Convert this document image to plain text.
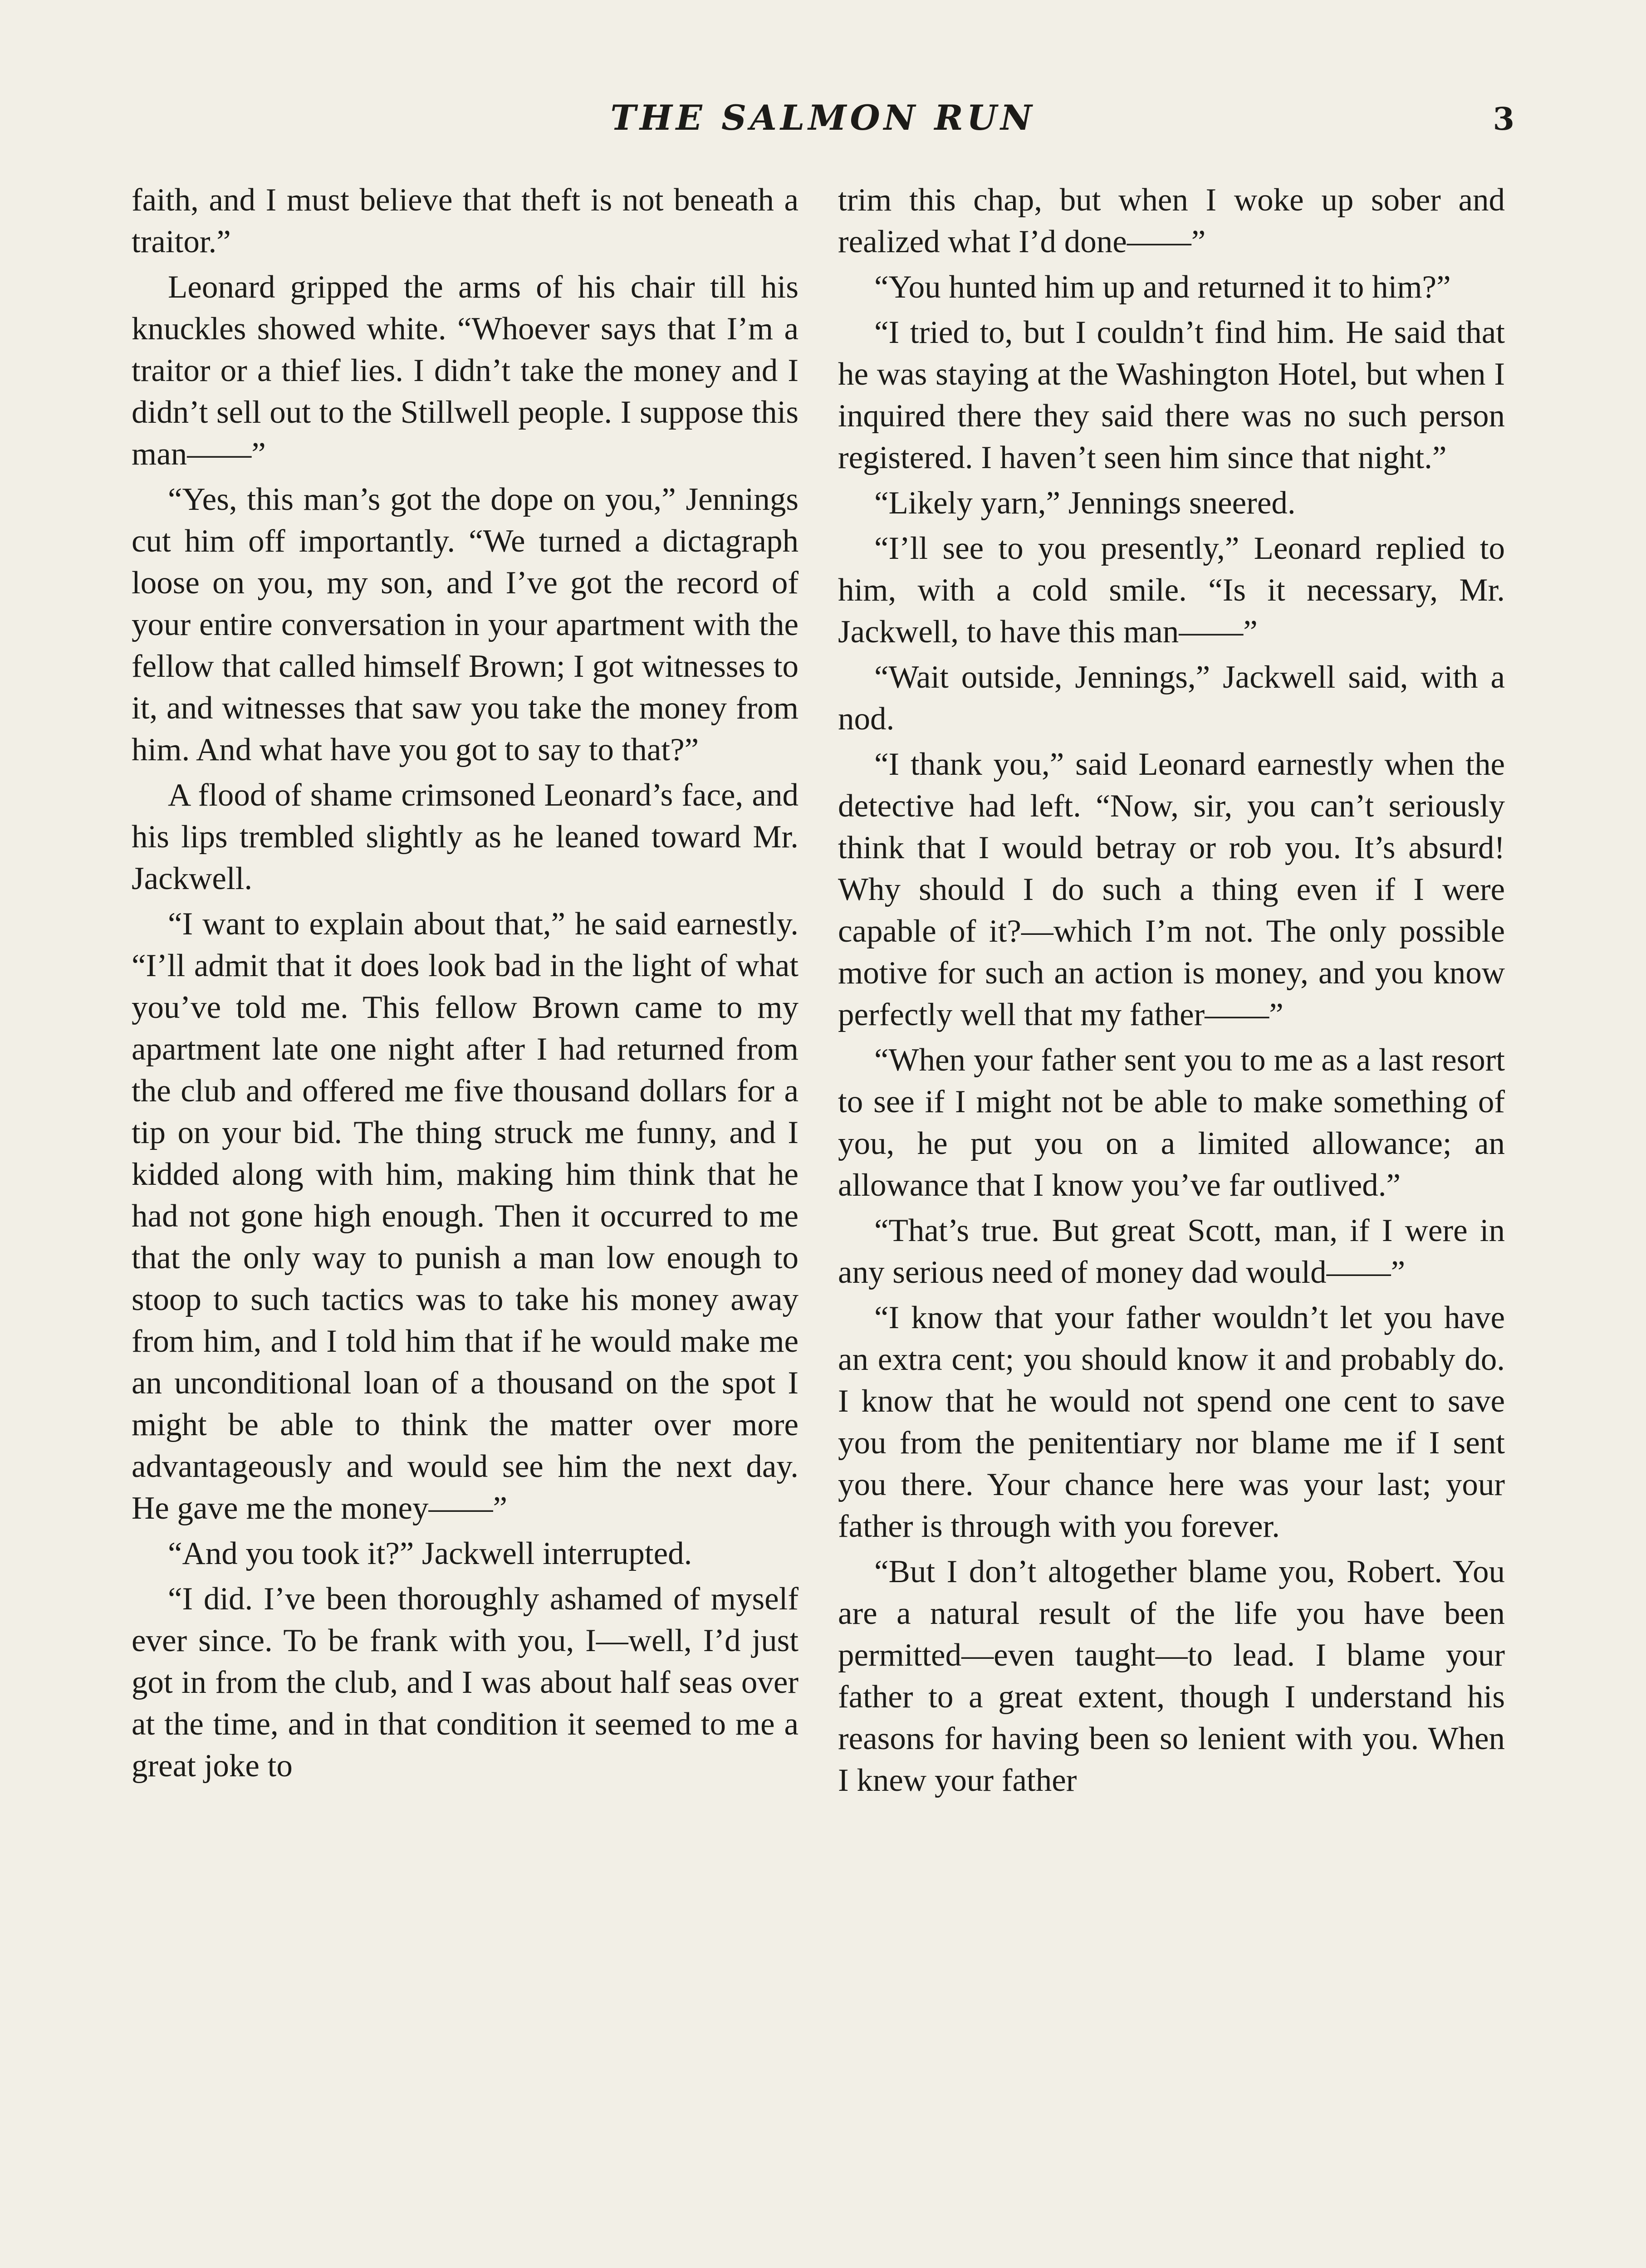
THE SALMON RUN	3

faith, and I must believe that theft is not beneath a traitor.”

Leonard gripped the arms of his chair till his knuckles showed white. “Whoever says that I’m a traitor or a thief lies. I didn’t take the money and I didn’t sell out to the Stillwell people. I suppose this man——”

“Yes, this man’s got the dope on you,” Jennings cut him off importantly. “We turned a dictagraph loose on you, my son, and I’ve got the record of your entire conversation in your apartment with the fellow that called himself Brown; I got witnesses to it, and witnesses that saw you take the money from him. And what have you got to say to that?”

A flood of shame crimsoned Leonard’s face, and his lips trembled slightly as he leaned toward Mr. Jackwell.

“I want to explain about that,” he said earnestly. “I’ll admit that it does look bad in the light of what you’ve told me. This fellow Brown came to my apartment late one night after I had returned from the club and offered me five thousand dollars for a tip on your bid. The thing struck me funny, and I kidded along with him, making him think that he had not gone high enough. Then it occurred to me that the only way to punish a man low enough to stoop to such tactics was to take his money away from him, and I told him that if he would make me an unconditional loan of a thousand on the spot I might be able to think the matter over more advantageously and would see him the next day. He gave me the money——”

“And you took it?” Jackwell interrupted.

“I did. I’ve been thoroughly ashamed of myself ever since. To be frank with you, I—well, I’d just got in from the club, and I was about half seas over at the time, and in that condition it seemed to me a great joke to

trim this chap, but when I woke up sober and realized what I’d done——”

“You hunted him up and returned it to him?”

“I tried to, but I couldn’t find him. He said that he was staying at the Washington Hotel, but when I inquired there they said there was no such person registered. I haven’t seen him since that night.”

“Likely yarn,” Jennings sneered.

“I’ll see to you presently,” Leonard replied to him, with a cold smile. “Is it necessary, Mr. Jackwell, to have this man——”

“Wait outside, Jennings,” Jackwell said, with a nod.

“I thank you,” said Leonard earnestly when the detective had left. “Now, sir, you can’t seriously think that I would betray or rob you. It’s absurd! Why should I do such a thing even if I were capable of it?—which I’m not. The only possible motive for such an action is money, and you know perfectly well that my father——”

“When your father sent you to me as a last resort to see if I might not be able to make something of you, he put you on a limited allowance; an allowance that I know you’ve far outlived.”

“That’s true. But great Scott, man, if I were in any serious need of money dad would——”

“I know that your father wouldn’t let you have an extra cent; you should know it and probably do. I know that he would not spend one cent to save you from the penitentiary nor blame me if I sent you there. Your chance here was your last; your father is through with you forever.

“But I don’t altogether blame you, Robert. You are a natural result of the life you have been permitted—even taught—to lead. I blame your father to a great extent, though I understand his reasons for having been so lenient with you. When I knew your father
